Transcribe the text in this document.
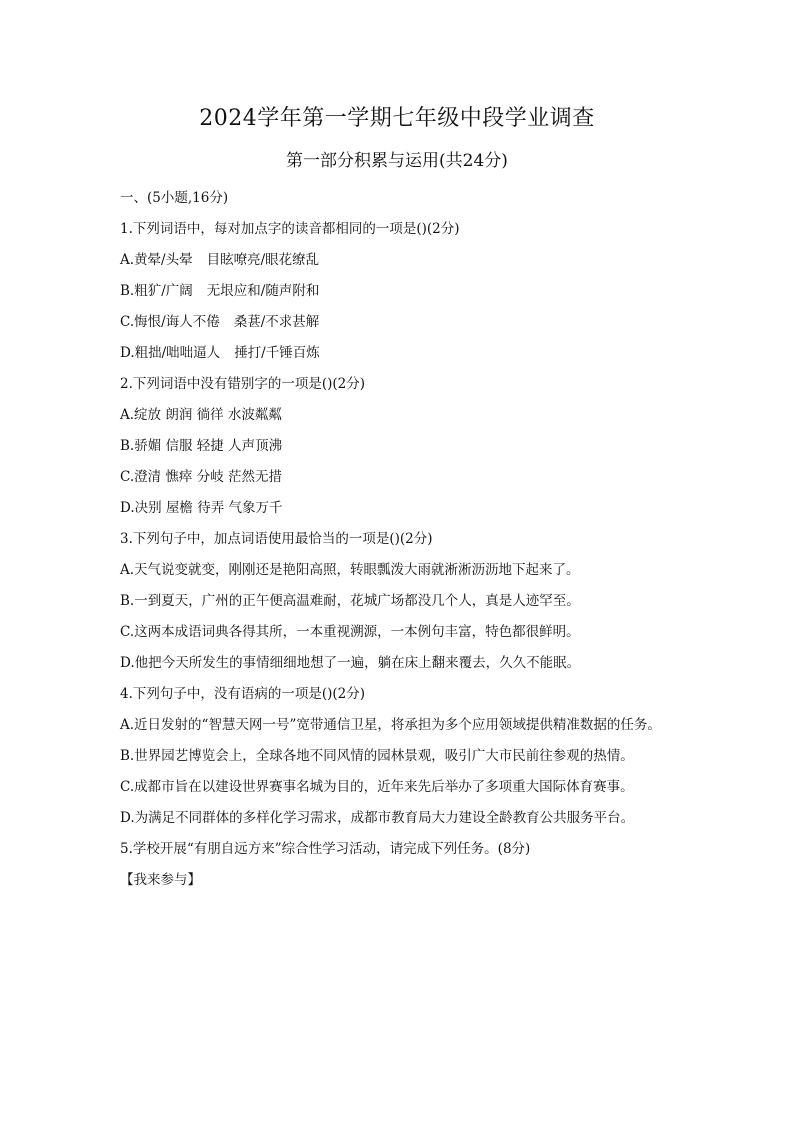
2024学年第一学期七年级中段学业调查
第一部分积累与运用(共24分)
一、(5小题,16分)
1.下列词语中，每对加点字的读音都相同的一项是()(2分)
A.黄晕/头晕 目眩嘹亮/眼花缭乱
B.粗犷/广阔 无垠应和/随声附和
C.悔恨/诲人不倦 桑葚/不求甚解
D.粗拙/咄咄逼人 捶打/千锤百炼
2.下列词语中没有错别字的一项是()(2分)
A.绽放 朗润 徜徉 水波粼粼
B.骄媚 信服 轻捷 人声顶沸
C.澄清 憔瘁 分岐 茫然无措
D.决别 屋檐 待弄 气象万千
3.下列句子中，加点词语使用最恰当的一项是()(2分)
A.天气说变就变，刚刚还是艳阳高照，转眼瓢泼大雨就淅淅沥沥地下起来了。
B.一到夏天，广州的正午便高温难耐，花城广场都没几个人，真是人迹罕至。
C.这两本成语词典各得其所，一本重视溯源，一本例句丰富，特色都很鲜明。
D.他把今天所发生的事情细细地想了一遍，躺在床上翻来覆去，久久不能眠。
4.下列句子中，没有语病的一项是()(2分)
A.近日发射的“智慧天网一号”宽带通信卫星，将承担为多个应用领域提供精准数据的任务。
B.世界园艺博览会上，全球各地不同风情的园林景观，吸引广大市民前往参观的热情。
C.成都市旨在以建设世界赛事名城为目的，近年来先后举办了多项重大国际体育赛事。
D.为满足不同群体的多样化学习需求，成都市教育局大力建设全龄教育公共服务平台。
5.学校开展“有朋自远方来”综合性学习活动，请完成下列任务。(8分)
【我来参与】
